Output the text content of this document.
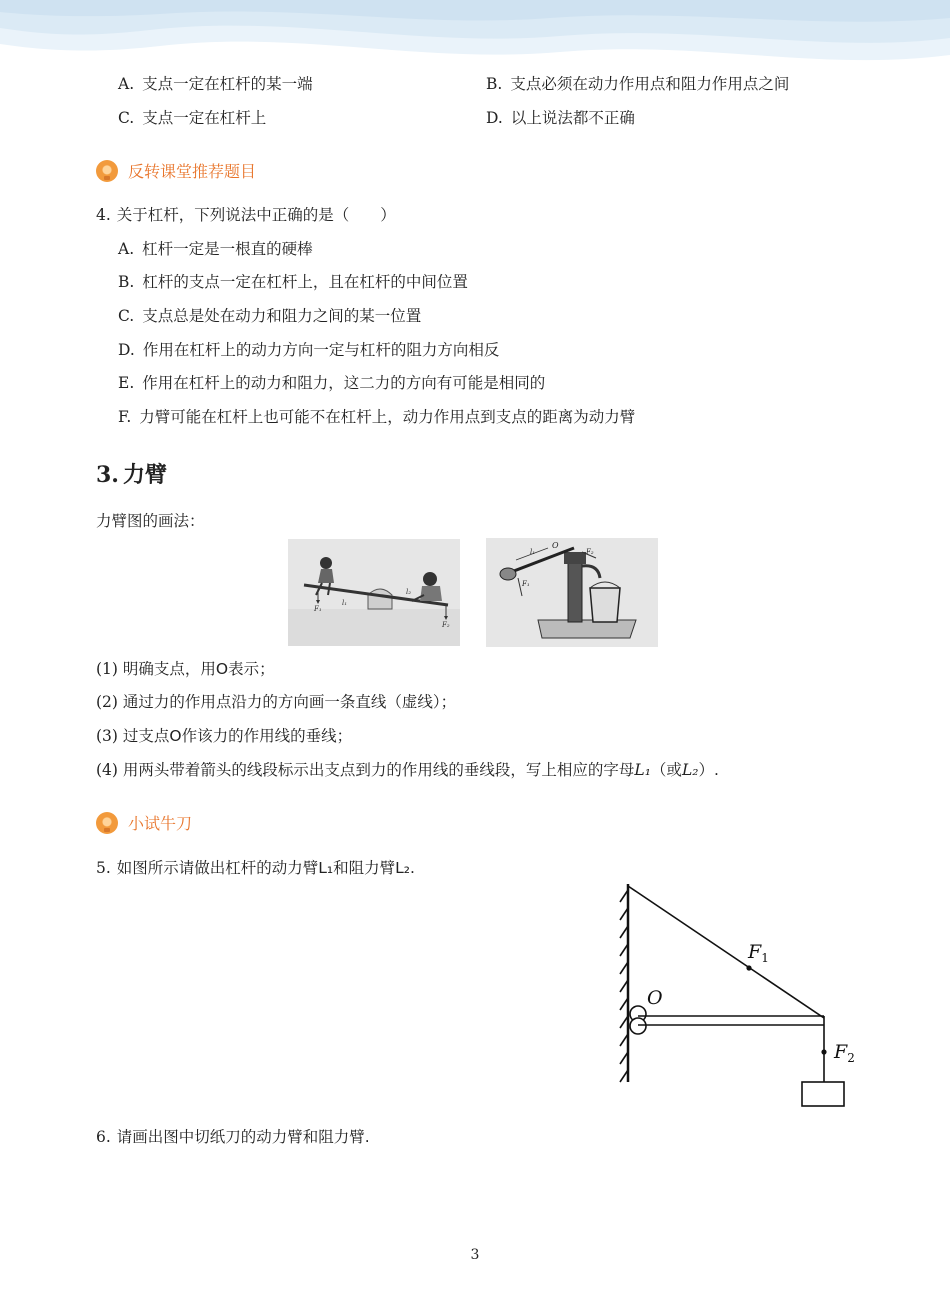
A. 支点一定在杠杆的某一端	B. 支点必须在动力作用点和阻力作用点之间
C. 支点一定在杠杆上	D. 以上说法都不正确
反转课堂推荐题目
4. 关于杠杆，下列说法中正确的是（　　）
A. 杠杆一定是一根直的硬棒
B. 杠杆的支点一定在杠杆上，且在杠杆的中间位置
C. 支点总是处在动力和阻力之间的某一位置
D. 作用在杠杆上的动力方向一定与杠杆的阻力方向相反
E. 作用在杠杆上的动力和阻力，这二力的方向有可能是相同的
F. 力臂可能在杠杆上也可能不在杠杆上，动力作用点到支点的距离为动力臂
3. 力臂
力臂图的画法：
F₁
l₁
l₂
F₂
O
l₁
F₁
F₂
(1) 明确支点，用O表示；
(2) 通过力的作用点沿力的方向画一条直线（虚线）；
(3) 过支点O作该力的作用线的垂线；
(4) 用两头带着箭头的线段标示出支点到力的作用线的垂线段，写上相应的字母L₁（或L₂）.
小试牛刀
5. 如图所示请做出杠杆的动力臂L₁和阻力臂L₂.
O
$F_1$
$F_2$
6. 请画出图中切纸刀的动力臂和阻力臂.
3
